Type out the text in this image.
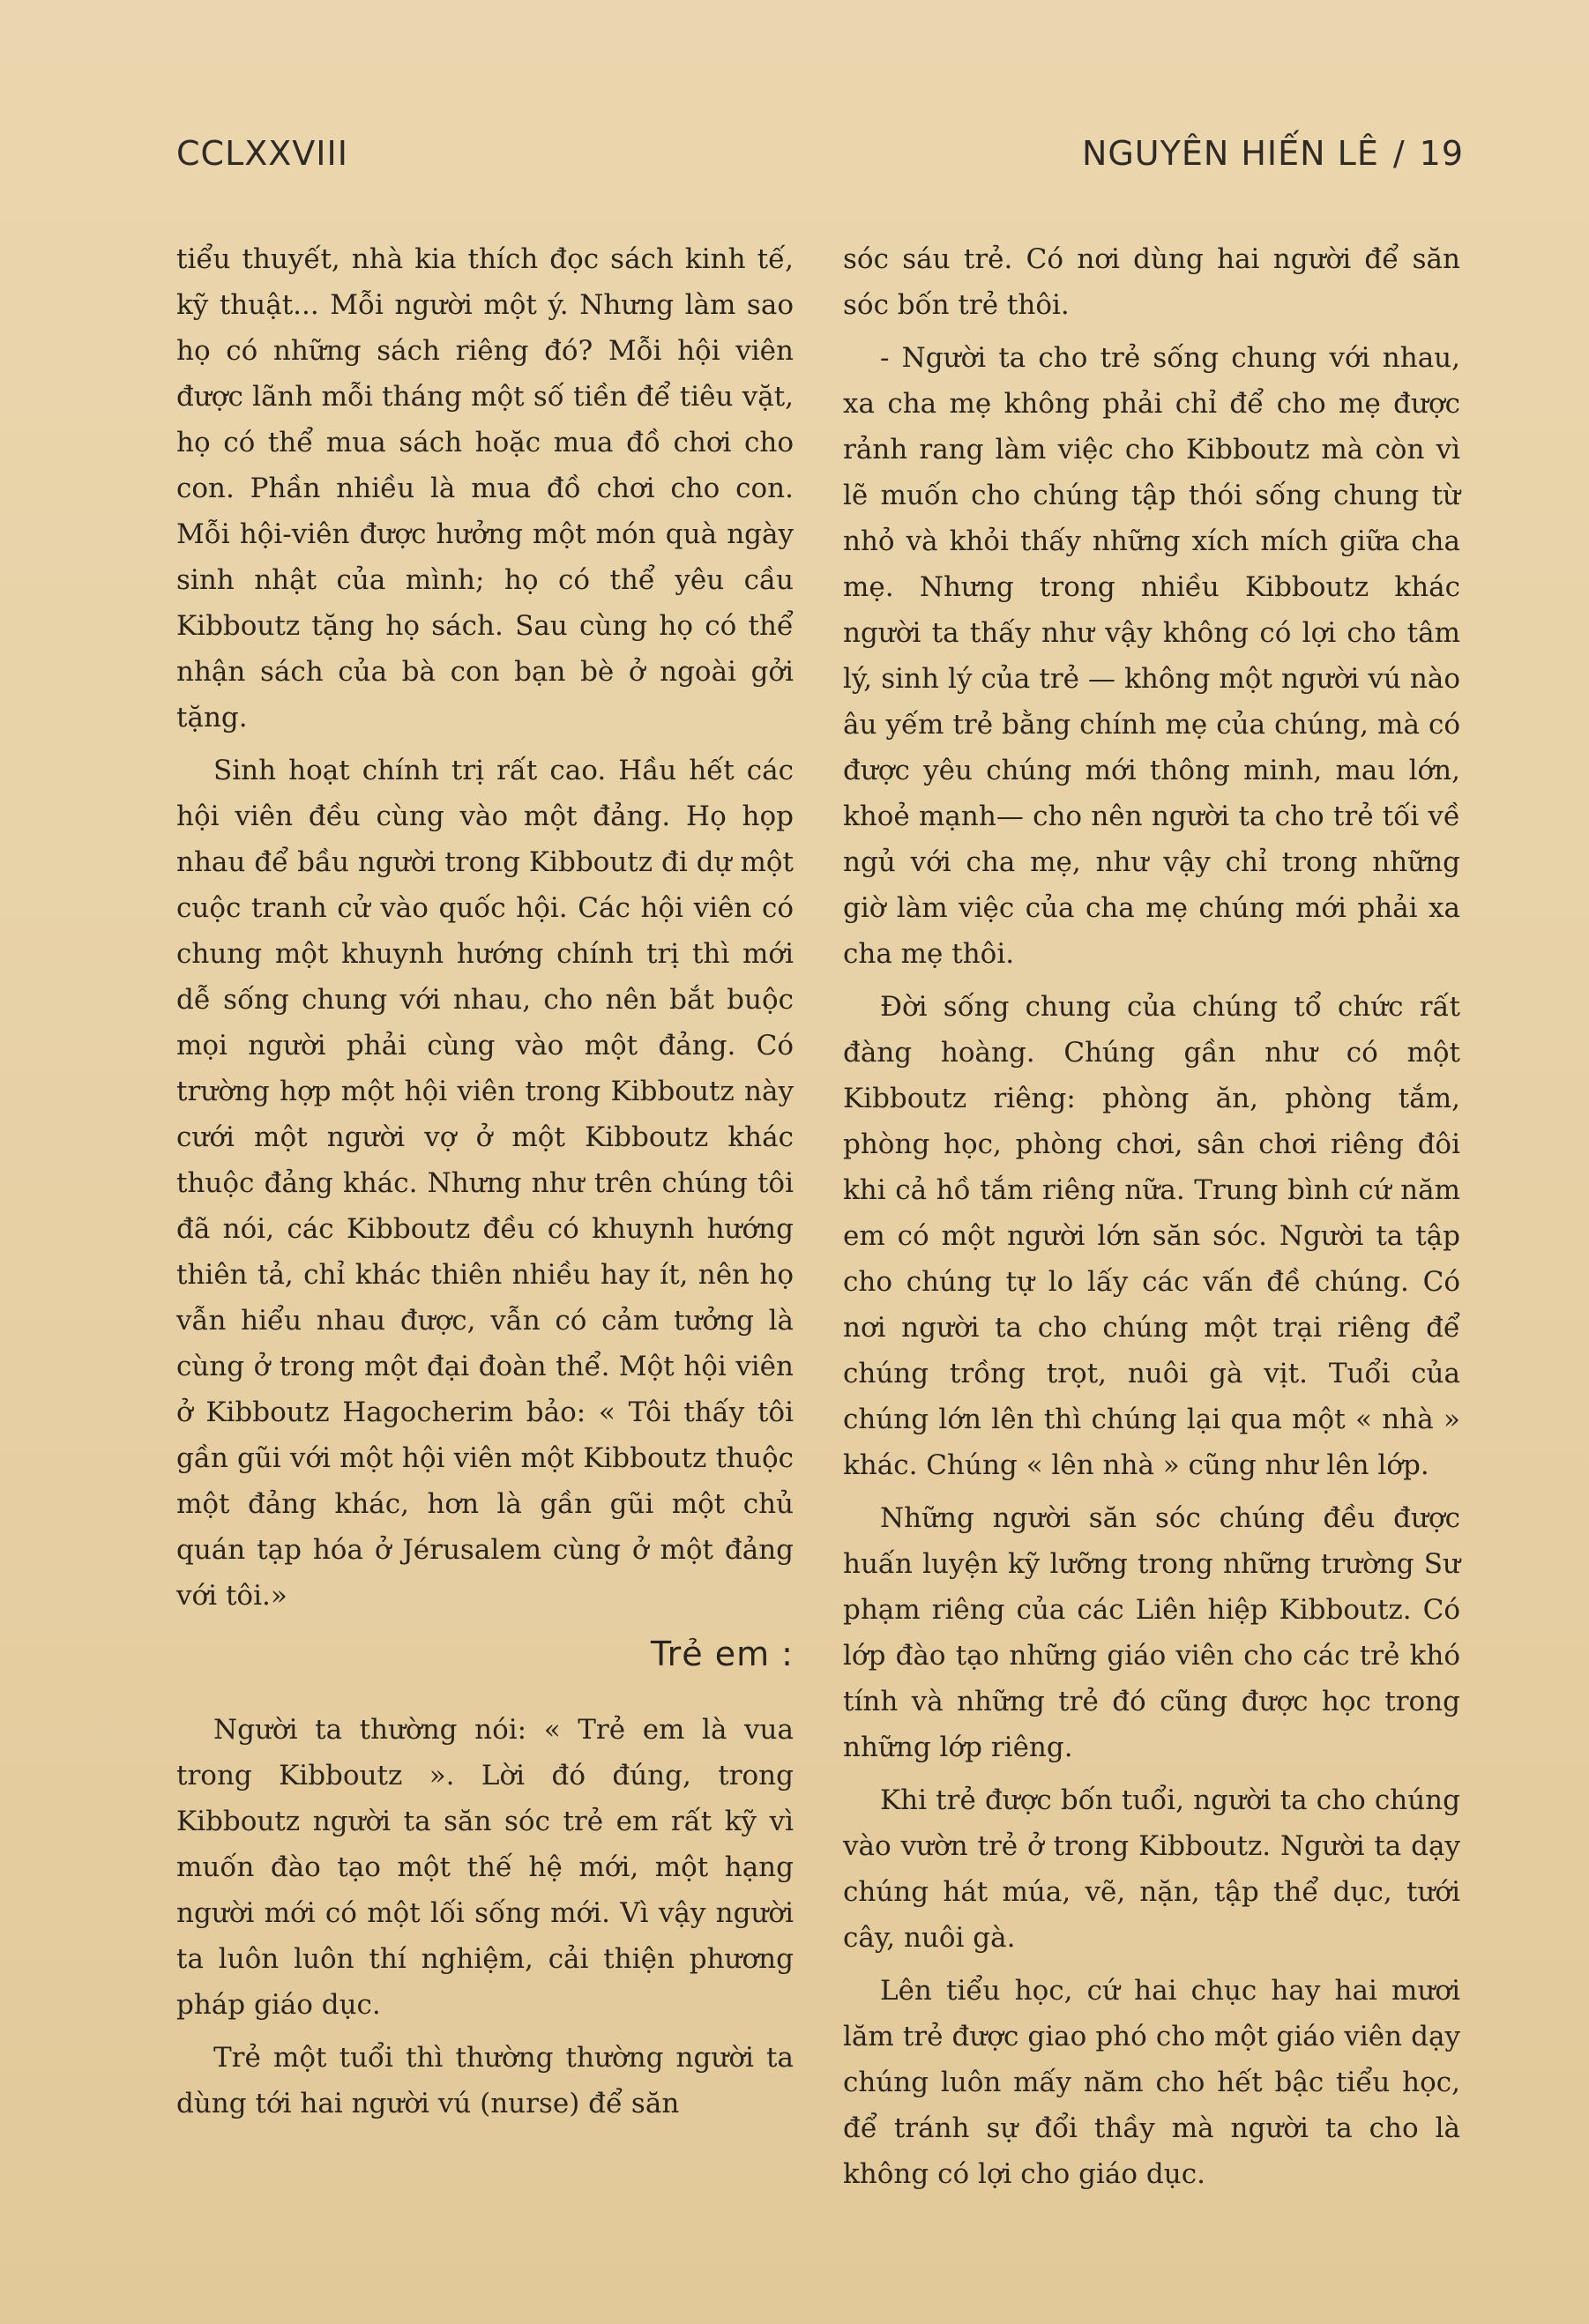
CCLXXVIII	NGUYÊN HIẾN LÊ / 19

tiểu thuyết, nhà kia thích đọc sách kinh tế, kỹ thuật... Mỗi người một ý. Nhưng làm sao họ có những sách riêng đó? Mỗi hội viên được lãnh mỗi tháng một số tiền để tiêu vặt, họ có thể mua sách hoặc mua đồ chơi cho con. Phần nhiều là mua đồ chơi cho con. Mỗi hội-viên được hưởng một món quà ngày sinh nhật của mình; họ có thể yêu cầu Kibboutz tặng họ sách. Sau cùng họ có thể nhận sách của bà con bạn bè ở ngoài gởi tặng.

Sinh hoạt chính trị rất cao. Hầu hết các hội viên đều cùng vào một đảng. Họ họp nhau để bầu người trong Kibboutz đi dự một cuộc tranh cử vào quốc hội. Các hội viên có chung một khuynh hướng chính trị thì mới dễ sống chung với nhau, cho nên bắt buộc mọi người phải cùng vào một đảng. Có trường hợp một hội viên trong Kibboutz này cưới một người vợ ở một Kibboutz khác thuộc đảng khác. Nhưng như trên chúng tôi đã nói, các Kibboutz đều có khuynh hướng thiên tả, chỉ khác thiên nhiều hay ít, nên họ vẫn hiểu nhau được, vẫn có cảm tưởng là cùng ở trong một đại đoàn thể. Một hội viên ở Kibboutz Hagocherim bảo: « Tôi thấy tôi gần gũi với một hội viên một Kibboutz thuộc một đảng khác, hơn là gần gũi một chủ quán tạp hóa ở Jérusalem cùng ở một đảng với tôi.»

Trẻ em :

Người ta thường nói: « Trẻ em là vua trong Kibboutz ». Lời đó đúng, trong Kibboutz người ta săn sóc trẻ em rất kỹ vì muốn đào tạo một thế hệ mới, một hạng người mới có một lối sống mới. Vì vậy người ta luôn luôn thí nghiệm, cải thiện phương pháp giáo dục.

Trẻ một tuổi thì thường thường người ta dùng tới hai người vú (nurse) để săn

sóc sáu trẻ. Có nơi dùng hai người để săn sóc bốn trẻ thôi.

- Người ta cho trẻ sống chung với nhau, xa cha mẹ không phải chỉ để cho mẹ được rảnh rang làm việc cho Kibboutz mà còn vì lẽ muốn cho chúng tập thói sống chung từ nhỏ và khỏi thấy những xích mích giữa cha mẹ. Nhưng trong nhiều Kibboutz khác người ta thấy như vậy không có lợi cho tâm lý, sinh lý của trẻ — không một người vú nào âu yếm trẻ bằng chính mẹ của chúng, mà có được yêu chúng mới thông minh, mau lớn, khoẻ mạnh— cho nên người ta cho trẻ tối về ngủ với cha mẹ, như vậy chỉ trong những giờ làm việc của cha mẹ chúng mới phải xa cha mẹ thôi.

Đời sống chung của chúng tổ chức rất đàng hoàng. Chúng gần như có một Kibboutz riêng: phòng ăn, phòng tắm, phòng học, phòng chơi, sân chơi riêng đôi khi cả hồ tắm riêng nữa. Trung bình cứ năm em có một người lớn săn sóc. Người ta tập cho chúng tự lo lấy các vấn đề chúng. Có nơi người ta cho chúng một trại riêng để chúng trồng trọt, nuôi gà vịt. Tuổi của chúng lớn lên thì chúng lại qua một « nhà » khác. Chúng « lên nhà » cũng như lên lớp.

Những người săn sóc chúng đều được huấn luyện kỹ lưỡng trong những trường Sư phạm riêng của các Liên hiệp Kibboutz. Có lớp đào tạo những giáo viên cho các trẻ khó tính và những trẻ đó cũng được học trong những lớp riêng.

Khi trẻ được bốn tuổi, người ta cho chúng vào vườn trẻ ở trong Kibboutz. Người ta dạy chúng hát múa, vẽ, nặn, tập thể dục, tưới cây, nuôi gà.

Lên tiểu học, cứ hai chục hay hai mươi lăm trẻ được giao phó cho một giáo viên dạy chúng luôn mấy năm cho hết bậc tiểu học, để tránh sự đổi thầy mà người ta cho là không có lợi cho giáo dục.
